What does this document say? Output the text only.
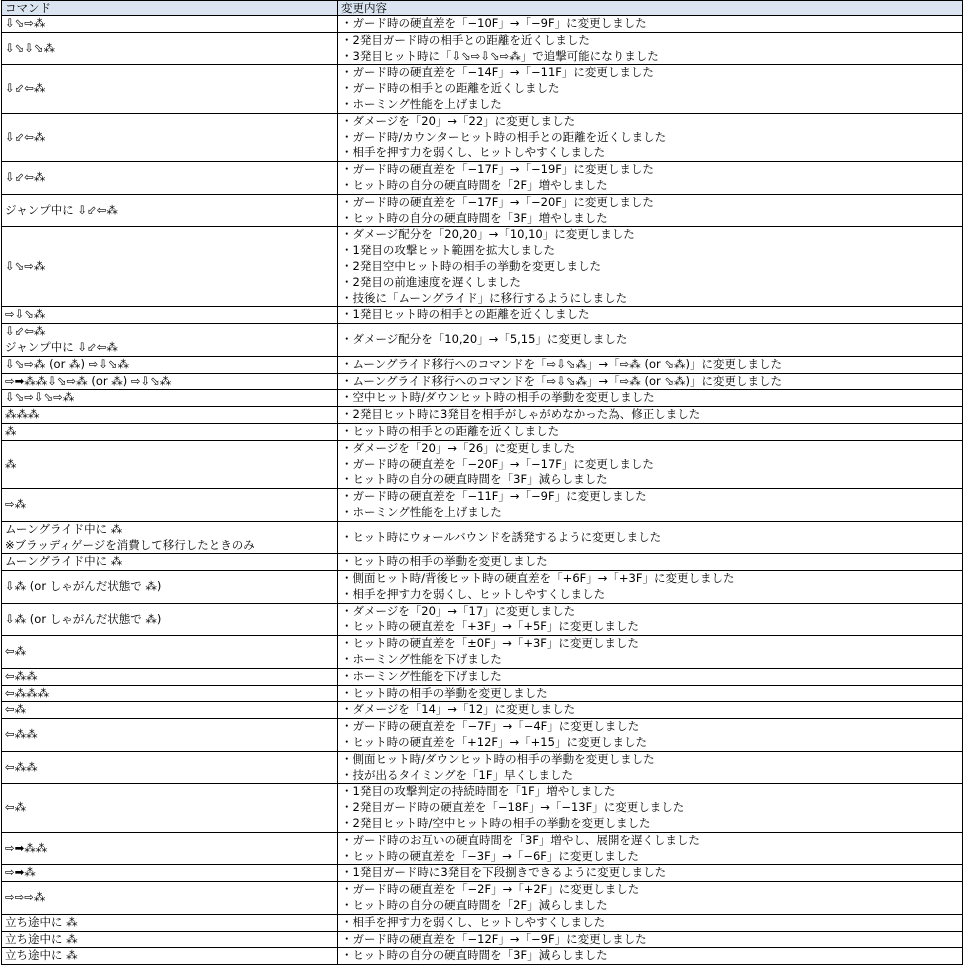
コマンド	変更内容

⇩⬂⇨⁂	・ガード時の硬直差を「−10F」→「−9F」に変更しました

⇩⬂⇩⬂⁂	・2発目ガード時の相手との距離を近くしました
・3発目ヒット時に「⇩⬂⇨⇩⬂⇨⁂」で追撃可能になりました

⇩⬃⇦⁂	・ガード時の硬直差を「−14F」→「−11F」に変更しました
・ガード時の相手との距離を近くしました
・ホーミング性能を上げました

⇩⬃⇦⁂	・ダメージを「20」→「22」に変更しました
・ガード時/カウンターヒット時の相手との距離を近くしました
・相手を押す力を弱くし、ヒットしやすくしました

⇩⬃⇦⁂	・ガード時の硬直差を「−17F」→「−19F」に変更しました
・ヒット時の自分の硬直時間を「2F」増やしました

ジャンプ中に ⇩⬃⇦⁂	・ガード時の硬直差を「−17F」→「−20F」に変更しました
・ヒット時の自分の硬直時間を「3F」増やしました

⇩⬂⇨⁂	・ダメージ配分を「20,20」→「10,10」に変更しました
・1発目の攻撃ヒット範囲を拡大しました
・2発目空中ヒット時の相手の挙動を変更しました
・2発目の前進速度を遅くしました
・技後に「ムーングライド」に移行するようにしました

⇨⇩⬂⁂	・1発目ヒット時の相手との距離を近くしました

⇩⬃⇦⁂
ジャンプ中に ⇩⬃⇦⁂	・ダメージ配分を「10,20」→「5,15」に変更しました

⇩⬂⇨⁂ (or ⁂) ⇨⇩⬂⁂	・ムーングライド移行へのコマンドを「⇨⇩⬂⁂」→「⇨⁂ (or ⬂⁂)」に変更しました

⇨➡⁂⁂⇩⬂⇨⁂ (or ⁂) ⇨⇩⬂⁂	・ムーングライド移行へのコマンドを「⇨⇩⬂⁂」→「⇨⁂ (or ⬂⁂)」に変更しました

⇩⬂⇨⇩⬂⇨⁂	・空中ヒット時/ダウンヒット時の相手の挙動を変更しました

⁂⁂⁂	・2発目ヒット時に3発目を相手がしゃがめなかった為、修正しました

⁂	・ヒット時の相手との距離を近くしました

⁂	・ダメージを「20」→「26」に変更しました
・ガード時の硬直差を「−20F」→「−17F」に変更しました
・ヒット時の自分の硬直時間を「3F」減らしました

⇨⁂	・ガード時の硬直差を「−11F」→「−9F」に変更しました
・ホーミング性能を上げました

ムーングライド中に ⁂
※ブラッディゲージを消費して移行したときのみ	・ヒット時にウォールバウンドを誘発するように変更しました

ムーングライド中に ⁂	・ヒット時の相手の挙動を変更しました

⇩⁂ (or しゃがんだ状態で ⁂)	・側面ヒット時/背後ヒット時の硬直差を「+6F」→「+3F」に変更しました
・相手を押す力を弱くし、ヒットしやすくしました

⇩⁂ (or しゃがんだ状態で ⁂)	・ダメージを「20」→「17」に変更しました
・ヒット時の硬直差を「+3F」→「+5F」に変更しました

⇦⁂	・ヒット時の硬直差を「±0F」→「+3F」に変更しました
・ホーミング性能を下げました

⇦⁂⁂	・ホーミング性能を下げました

⇦⁂⁂⁂	・ヒット時の相手の挙動を変更しました

⇦⁂	・ダメージを「14」→「12」に変更しました

⇦⁂⁂	・ガード時の硬直差を「−7F」→「−4F」に変更しました
・ヒット時の硬直差を「+12F」→「+15」に変更しました

⇦⁂⁂	・側面ヒット時/ダウンヒット時の相手の挙動を変更しました
・技が出るタイミングを「1F」早くしました

⇦⁂	・1発目の攻撃判定の持続時間を「1F」増やしました
・2発目ガード時の硬直差を「−18F」→「−13F」に変更しました
・2発目ヒット時/空中ヒット時の相手の挙動を変更しました

⇨➡⁂⁂	・ガード時のお互いの硬直時間を「3F」増やし、展開を遅くしました
・ヒット時の硬直差を「−3F」→「−6F」に変更しました

⇨➡⁂	・1発目ガード時に3発目を下段捌きできるように変更しました

⇨⇨⇨⁂	・ガード時の硬直差を「−2F」→「+2F」に変更しました
・ヒット時の自分の硬直時間を「2F」減らしました

立ち途中に ⁂	・相手を押す力を弱くし、ヒットしやすくしました

立ち途中に ⁂	・ガード時の硬直差を「−12F」→「−9F」に変更しました

立ち途中に ⁂	・ヒット時の自分の硬直時間を「3F」減らしました
